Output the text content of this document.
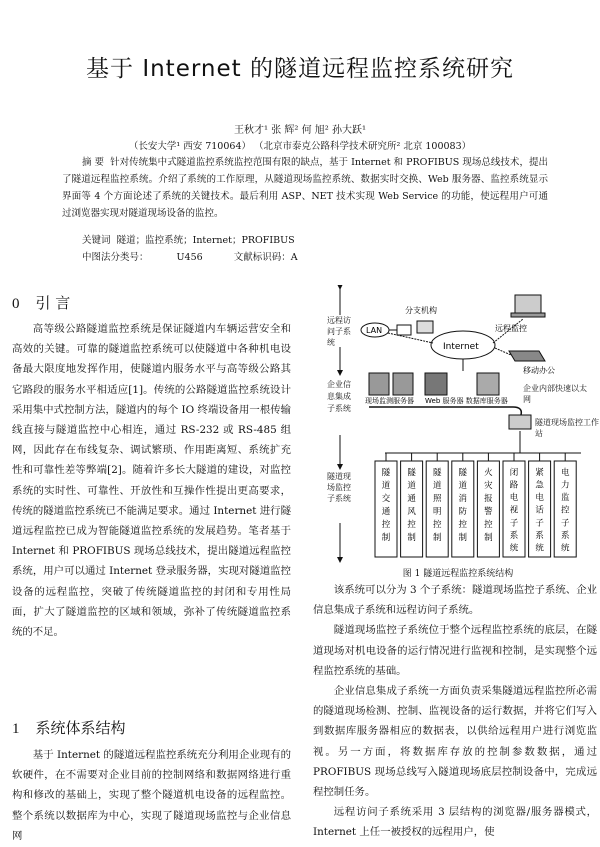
基于 Internet 的隧道远程监控系统研究
王秋才¹ 张 辉² 何 旭² 孙大跃¹
（长安大学¹ 西安 710064） （北京市泰克公路科学技术研究所² 北京 100083）
摘 要 针对传统集中式隧道监控系统监控范围有限的缺点，基于 Internet 和 PROFIBUS 现场总线技术，提出了隧道远程监控系统。介绍了系统的工作原理，从隧道现场监控系统、数据实时交换、Web 服务器、监控系统显示界面等 4 个方面论述了系统的关键技术。最后利用 ASP、NET 技术实现 Web Service 的功能，使远程用户可通过浏览器实现对隧道现场设备的监控。
关键词 隧道；监控系统；Internet；PROFIBUS
中图法分类号：	U456	文献标识码：A
0 引 言

高等级公路隧道监控系统是保证隧道内车辆运营安全和高效的关键。可靠的隧道监控系统可以使隧道中各种机电设备最大限度地发挥作用，使隧道内服务水平与高等级公路其它路段的服务水平相适应[1]。传统的公路隧道监控系统设计采用集中式控制方法，隧道内的每个 IO 终端设备用一根传输线直接与隧道监控中心相连，通过 RS-232 或 RS-485 组网，因此存在布线复杂、调试繁琐、作用距离短、系统扩充性和可靠性差等弊端[2]。随着许多长大隧道的建设，对监控系统的实时性、可靠性、开放性和互操作性提出更高要求，传统的隧道监控系统已不能满足要求。通过 Internet 进行隧道远程监控已成为智能隧道监控系统的发展趋势。笔者基于 Internet 和 PROFIBUS 现场总线技术，提出隧道远程监控系统，用户可以通过 Internet 登录服务器，实现对隧道监控设备的远程监控，突破了传统隧道监控的封闭和专用性局面，扩大了隧道监控的区域和领域，弥补了传统隧道监控系统的不足。

1 系统体系结构

基于 Internet 的隧道远程监控系统充分利用企业现有的软硬件，在不需要对企业目前的控制网络和数据网络进行重构和修改的基础上，实现了整个隧道机电设备的远程监控。整个系统以数据库为中心，实现了隧道现场监控与企业信息网

远程访问子系统
企业信息集成子系统
隧道现场监控子系统
分支机构
LAN
Internet
远程监控
移动办公
现场监测服务器 Web 服务器 数据库服务器
企业内部快速以太网
隧道现场监控工作站
隧道交通控制
隧道通风控制
隧道照明控制
隧道消防控制
火灾报警控制
闭路电视子系统
紧急电话子系统
电力监控子系统
图 1 隧道远程监控系统结构

该系统可以分为 3 个子系统：隧道现场监控子系统、企业信息集成子系统和远程访问子系统。

隧道现场监控子系统位于整个远程监控系统的底层，在隧道现场对机电设备的运行情况进行监视和控制，是实现整个远程监控系统的基础。

企业信息集成子系统一方面负责采集隧道远程监控所必需的隧道现场检测、控制、监视设备的运行数据，并将它们写入到数据库服务器相应的数据表，以供给远程用户进行浏览监视。另一方面，将数据库存放的控制参数数据，通过 PROFIBUS 现场总线写入隧道现场底层控制设备中，完成远程控制任务。

远程访问子系统采用 3 层结构的浏览器/服务器模式，Internet 上任一被授权的远程用户，使
